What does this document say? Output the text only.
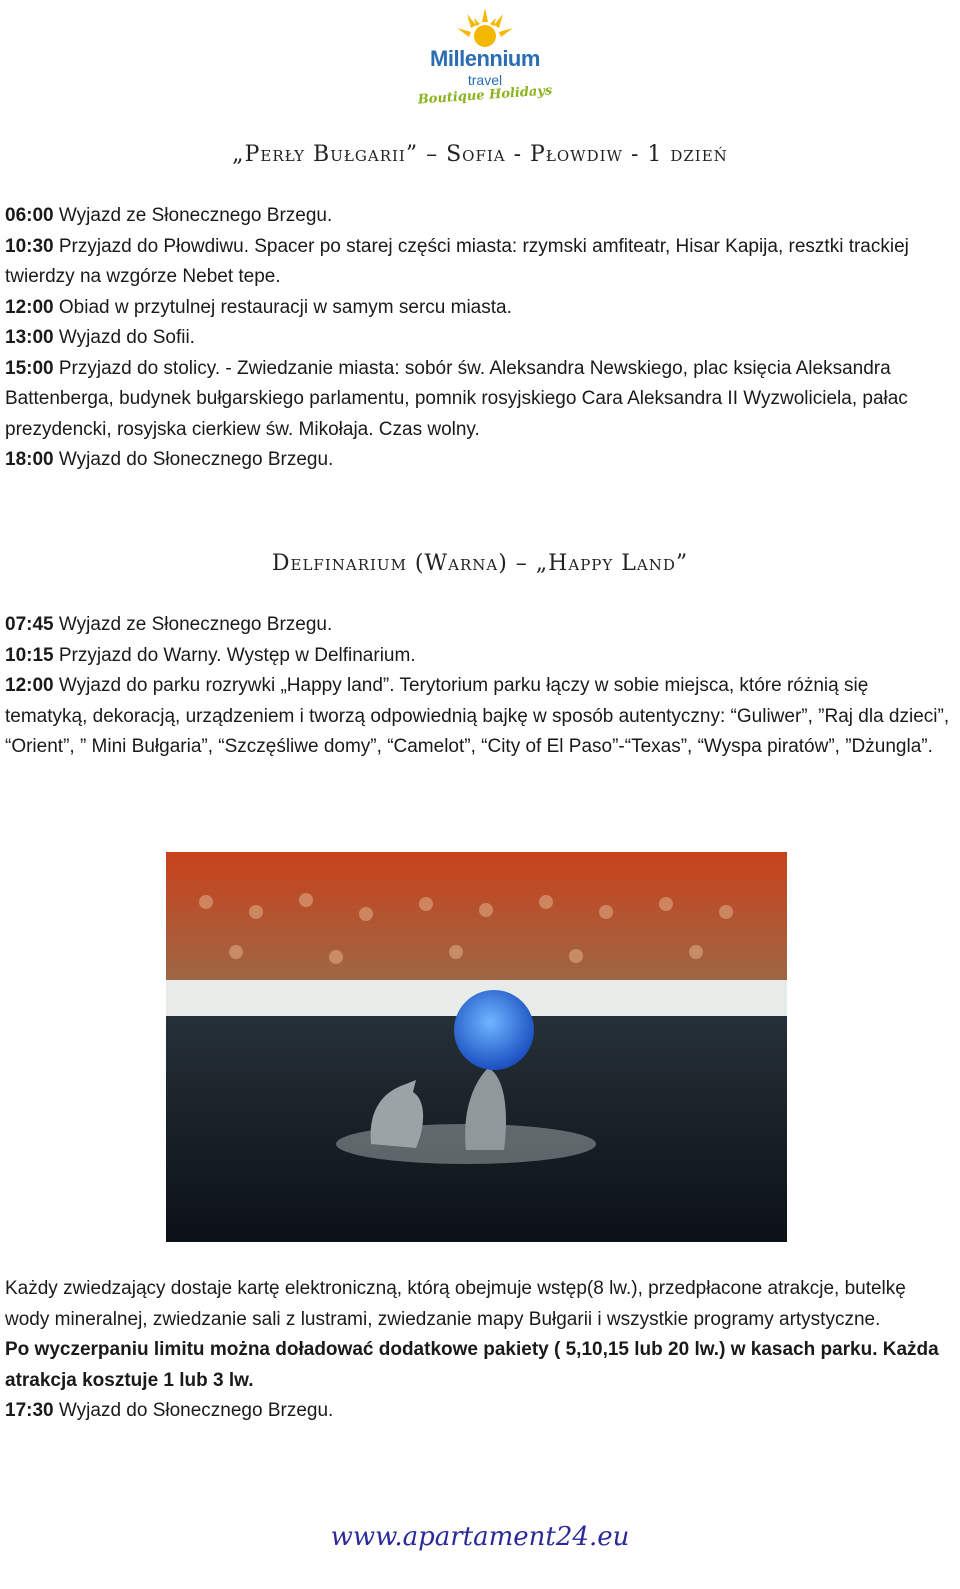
Millennium
travel
Boutique Holidays
„Perły Bułgarii” – Sofia - Płowdiw - 1 dzień
06:00 Wyjazd ze Słonecznego Brzegu.
10:30 Przyjazd do Płowdiwu. Spacer po starej części miasta: rzymski amfiteatr, Hisar Kapija, resztki trackiej twierdzy na wzgórze Nebet tepe.
12:00 Obiad w przytulnej restauracji w samym sercu miasta.
13:00 Wyjazd do Sofii.
15:00 Przyjazd do stolicy. - Zwiedzanie miasta: sobór św. Aleksandra Newskiego, plac księcia Aleksandra Battenberga, budynek bułgarskiego parlamentu, pomnik rosyjskiego Cara Aleksandra II Wyzwoliciela, pałac prezydencki, rosyjska cierkiew św. Mikołaja. Czas wolny.
18:00 Wyjazd do Słonecznego Brzegu.
Delfinarium (Warna) – „Happy Land”
07:45 Wyjazd ze Słonecznego Brzegu.
10:15 Przyjazd do Warny. Występ w Delfinarium.
12:00 Wyjazd do parku rozrywki „Happy land”. Terytorium parku łączy w sobie miejsca, które różnią się tematyką, dekoracją, urządzeniem i tworzą odpowiednią bajkę w sposób autentyczny: “Guliwer”, ”Raj dla dzieci”, “Orient”, ” Mini Bułgaria”, “Szczęśliwe domy”, “Camelot”, “City of El Paso”-“Texas”, “Wyspa piratów”, ”Dżungla”.
Każdy zwiedzający dostaje kartę elektroniczną, którą obejmuje wstęp(8 lw.), przedpłacone atrakcje, butelkę wody mineralnej, zwiedzanie sali z lustrami, zwiedzanie mapy Bułgarii i wszystkie programy artystyczne.
Po wyczerpaniu limitu można doładować dodatkowe pakiety ( 5,10,15 lub 20 lw.) w kasach parku. Każda atrakcja kosztuje 1 lub 3 lw.
17:30 Wyjazd do Słonecznego Brzegu.
www.apartament24.eu
